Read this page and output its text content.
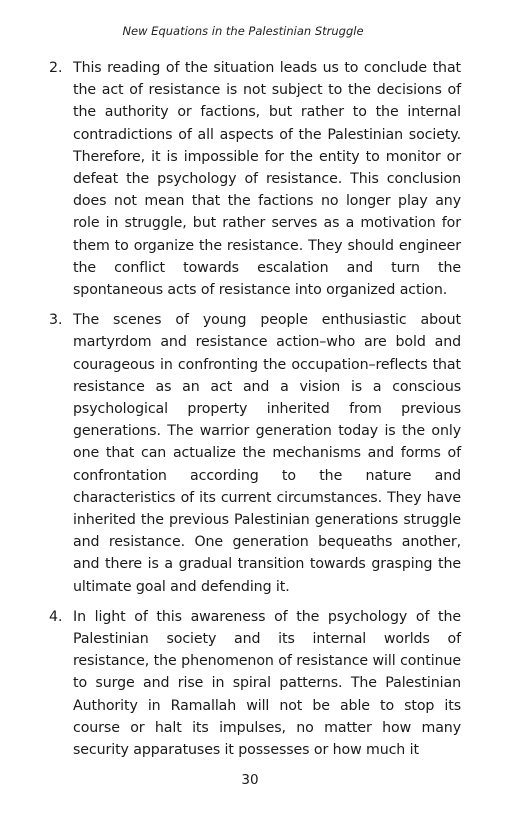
New Equations in the Palestinian Struggle
2. This reading of the situation leads us to conclude that the act of resistance is not subject to the decisions of the authority or factions, but rather to the internal contradictions of all aspects of the Palestinian society. Therefore, it is impossible for the entity to monitor or defeat the psychology of resistance. This conclusion does not mean that the factions no longer play any role in struggle, but rather serves as a motivation for them to organize the resistance. They should engineer the conflict towards escalation and turn the spontaneous acts of resistance into organized action.

3. The scenes of young people enthusiastic about martyrdom and resistance action–who are bold and courageous in confronting the occupation–reflects that resistance as an act and a vision is a conscious psychological property inherited from previous generations. The warrior generation today is the only one that can actualize the mechanisms and forms of confrontation according to the nature and characteristics of its current circumstances. They have inherited the previous Palestinian generations struggle and resistance. One generation bequeaths another, and there is a gradual transition towards grasping the ultimate goal and defending it.

4. In light of this awareness of the psychology of the Palestinian society and its internal worlds of resistance, the phenomenon of resistance will continue to surge and rise in spiral patterns. The Palestinian Authority in Ramallah will not be able to stop its course or halt its impulses, no matter how many security apparatuses it possesses or how much it

30
